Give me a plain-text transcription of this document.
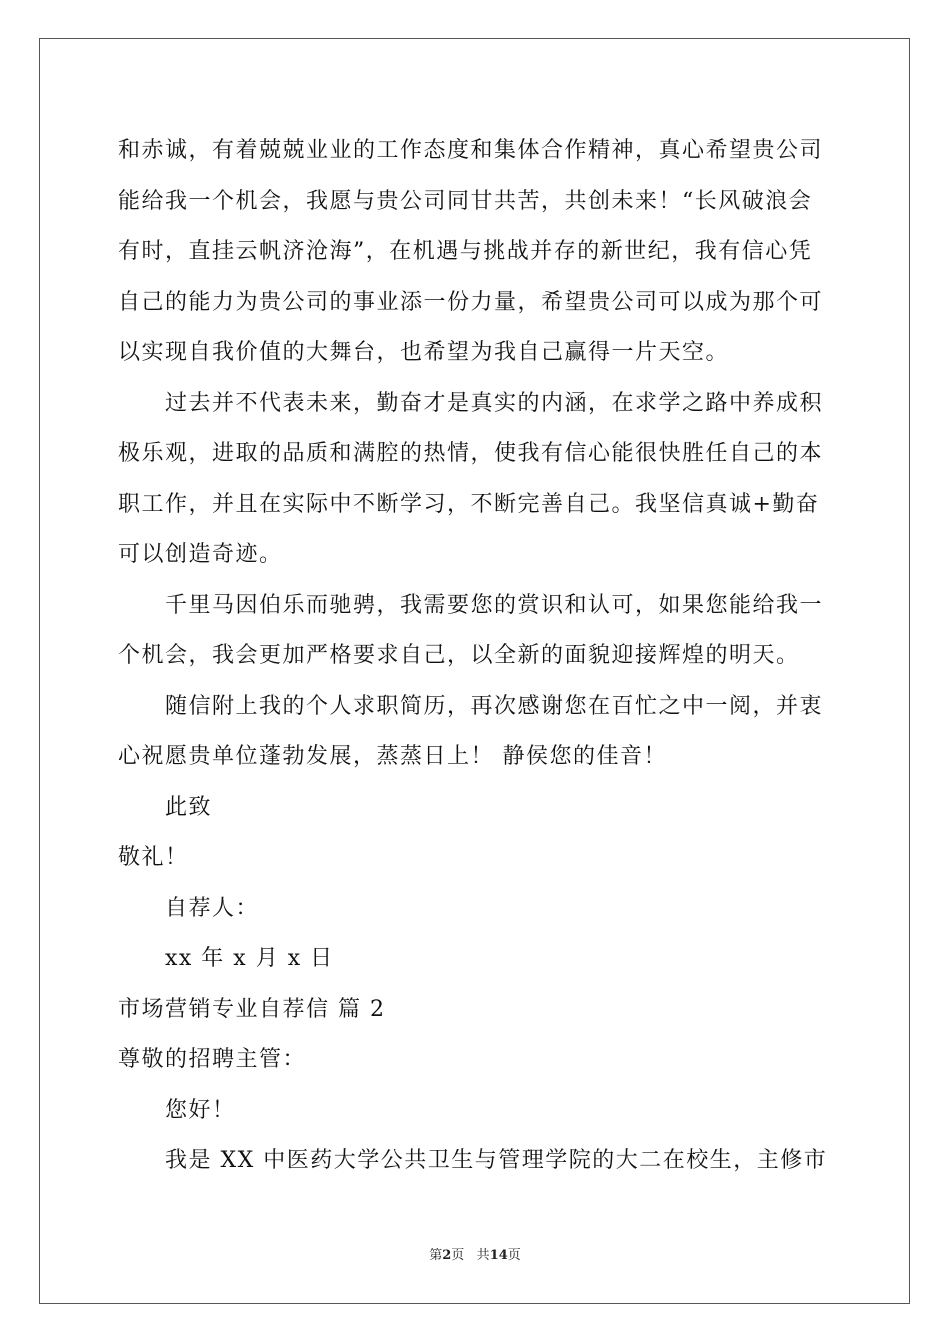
和赤诚，有着兢兢业业的工作态度和集体合作精神，真心希望贵公司

能给我一个机会，我愿与贵公司同甘共苦，共创未来！“长风破浪会

有时，直挂云帆济沧海”，在机遇与挑战并存的新世纪，我有信心凭

自己的能力为贵公司的事业添一份力量，希望贵公司可以成为那个可

以实现自我价值的大舞台，也希望为我自己赢得一片天空。

过去并不代表未来，勤奋才是真实的内涵，在求学之路中养成积

极乐观，进取的品质和满腔的热情，使我有信心能很快胜任自己的本

职工作，并且在实际中不断学习，不断完善自己。我坚信真诚+勤奋

可以创造奇迹。

千里马因伯乐而驰骋，我需要您的赏识和认可，如果您能给我一

个机会，我会更加严格要求自己，以全新的面貌迎接辉煌的明天。

随信附上我的个人求职简历，再次感谢您在百忙之中一阅，并衷

心祝愿贵单位蓬勃发展，蒸蒸日上！ 静侯您的佳音！

此致

敬礼！

自荐人：

xx 年 x 月 x 日

市场营销专业自荐信 篇 2

尊敬的招聘主管：

您好！

我是 XX 中医药大学公共卫生与管理学院的大二在校生，主修市

第2页 共14页
